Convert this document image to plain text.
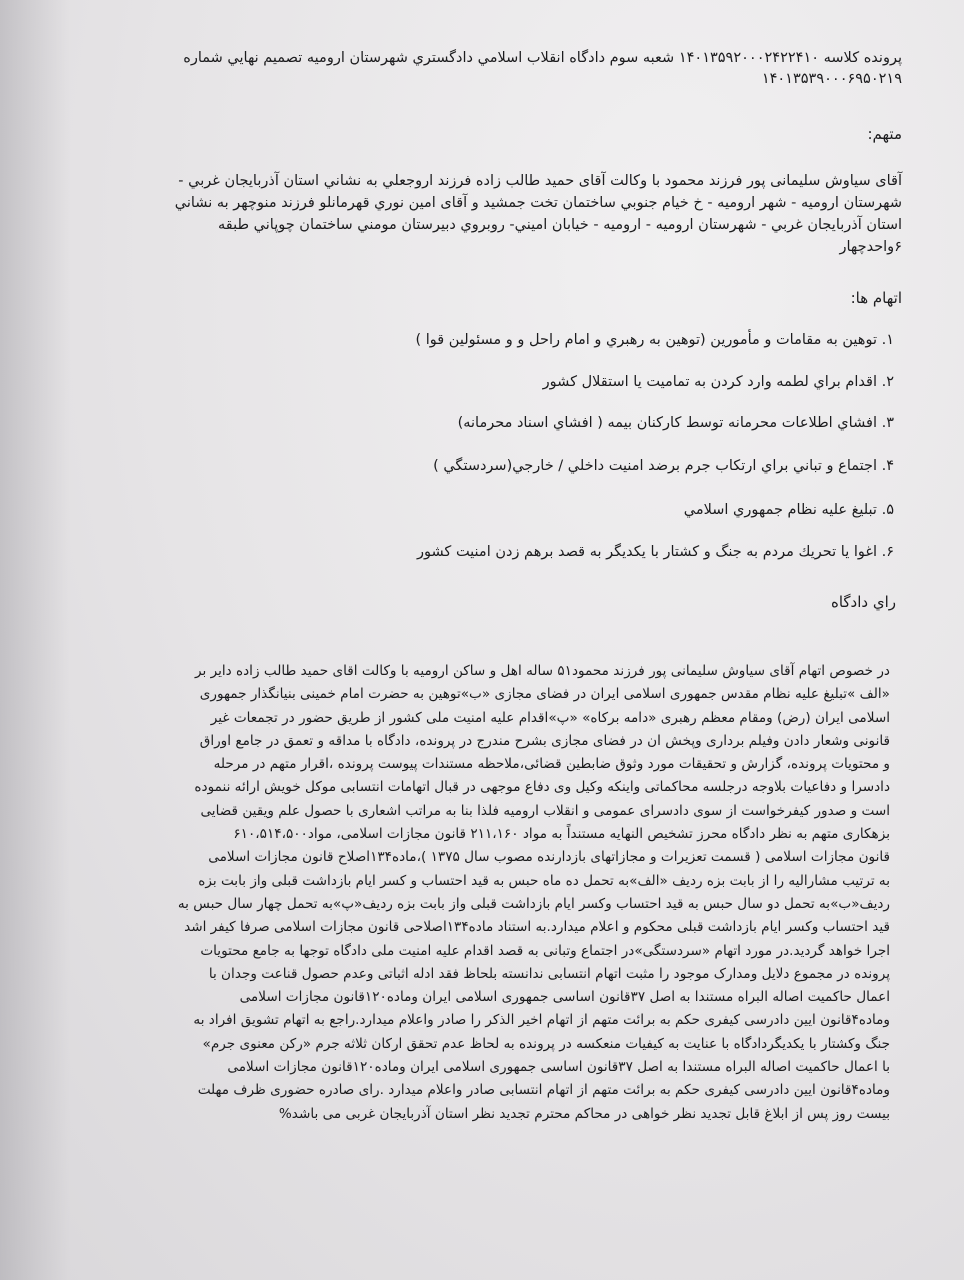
پرونده کلاسه ۱۴۰۱۳۵۹۲۰۰۰۲۴۲۲۴۱۰ شعبه سوم دادگاه انقلاب اسلامي دادگستري شهرستان اروميه تصميم نهايي شماره
۱۴۰۱۳۵۳۹۰۰۰۶۹۵۰۲۱۹
متهم:
آقای سیاوش سلیمانی پور فرزند محمود با وكالت آقای حمید طالب زاده فرزند اروجعلي به نشاني استان آذربايجان غربي -
شهرستان اروميه - شهر اروميه - خ خيام جنوبي ساختمان تخت جمشيد و آقای امين نوري قهرمانلو فرزند منوچهر به نشاني
استان آذربايجان غربي - شهرستان اروميه - اروميه - خيابان اميني- روبروي دبيرستان مومني ساختمان چوپاني طبقه
۶واحدچهار
اتهام ها:
۱. توهين به مقامات و مأمورين (توهين به رهبري و امام راحل و و مسئولين قوا )
۲. اقدام براي لطمه وارد كردن به تماميت يا استقلال كشور
۳. افشاي اطلاعات محرمانه توسط كاركنان بيمه ( افشاي اسناد محرمانه)
۴. اجتماع و تباني براي ارتكاب جرم برضد امنيت داخلي / خارجي(سردستگي )
۵. تبليغ عليه نظام جمهوري اسلامي
۶. اغوا يا تحريك مردم به جنگ و كشتار با يكديگر به قصد برهم زدن امنيت كشور
راي دادگاه
در خصوص اتهام آقای سیاوش سلیمانی پور فرزند محمود۵۱ ساله اهل و ساکن ارومیه با وکالت اقای حمید طالب زاده دایر بر
«الف »تبلیغ علیه نظام مقدس جمهوری اسلامی ایران در فضای مجازی «ب»توهین به حضرت امام خمینی بنیانگذار جمهوری
اسلامی ایران (رض) ومقام معظم رهبری «دامه برکاه» «پ»اقدام علیه امنیت ملی کشور از طریق حضور در تجمعات غیر
قانونی وشعار دادن وفیلم برداری وپخش ان در فضای مجازی بشرح مندرج در پرونده، دادگاه با مداقه و تعمق در جامع اوراق
و محتویات پرونده، گزارش و تحقیقات مورد وثوق ضابطین قضائی،ملاحظه مستندات پیوست پرونده ،اقرار متهم در مرحله
دادسرا و دفاعیات بلاوجه درجلسه محاکماتی واینکه وکیل وی دفاع موجهی در قبال اتهامات انتسابی موکل خویش ارائه ننموده
است و صدور کیفرخواست از سوی دادسرای عمومی و انقلاب ارومیه فلذا بنا به مراتب اشعاری با حصول علم ویقین قضایی
بزهکاری متهم به نظر دادگاه محرز تشخیص النهایه مستنداً به مواد ۲۱۱،۱۶۰ قانون مجازات اسلامی، مواد۶۱۰،۵۱۴،۵۰۰
قانون مجازات اسلامی ( قسمت تعزیرات و مجازاتهای بازدارنده مصوب سال ۱۳۷۵ )،ماده۱۳۴اصلاح قانون مجازات اسلامی
به ترتیب مشارالیه را از بابت بزه ردیف «الف»به تحمل ده ماه حبس به قید احتساب و کسر ایام بازداشت قبلی واز بابت بزه
ردیف«ب»به تحمل دو سال حبس به قید احتساب وکسر ایام بازداشت قبلی واز بابت بزه ردیف«پ»به تحمل چهار سال حبس به
قید احتساب وکسر ایام بازداشت قبلی محکوم و اعلام میدارد.به استناد ماده۱۳۴اصلاحی قانون مجازات اسلامی صرفا کیفر اشد
اجرا خواهد گردید.در مورد اتهام «سردستگی»در اجتماع وتبانی به قصد اقدام علیه امنیت ملی دادگاه توجها به جامع محتویات
پرونده در مجموع دلایل ومدارک موجود را مثبت اتهام انتسابی ندانسته بلحاظ فقد ادله اثباتی وعدم حصول قناعت وجدان با
اعمال حاکمیت اصاله البراه مستندا به اصل ۳۷قانون اساسی جمهوری اسلامی ایران وماده۱۲۰قانون مجازات اسلامی
وماده۴قانون ایین دادرسی کیفری حکم به برائت متهم از اتهام اخیر الذکر را صادر واعلام میدارد.راجع به اتهام تشویق افراد به
جنگ وکشتار با یکدیگردادگاه با عنایت به کیفیات منعکسه در پرونده به لحاظ عدم تحقق ارکان ثلاثه جرم «رکن معنوی جرم»
با اعمال حاکمیت اصاله البراه مستندا به اصل ۳۷قانون اساسی جمهوری اسلامی ایران وماده۱۲۰قانون مجازات اسلامی
وماده۴قانون ایین دادرسی کیفری حکم به برائت متهم از اتهام انتسابی صادر واعلام میدارد .رای صادره حضوری ظرف مهلت
بیست روز پس از ابلاغ قابل تجدید نظر خواهی در محاکم محترم تجدید نظر استان آذربایجان غربی می باشد%
